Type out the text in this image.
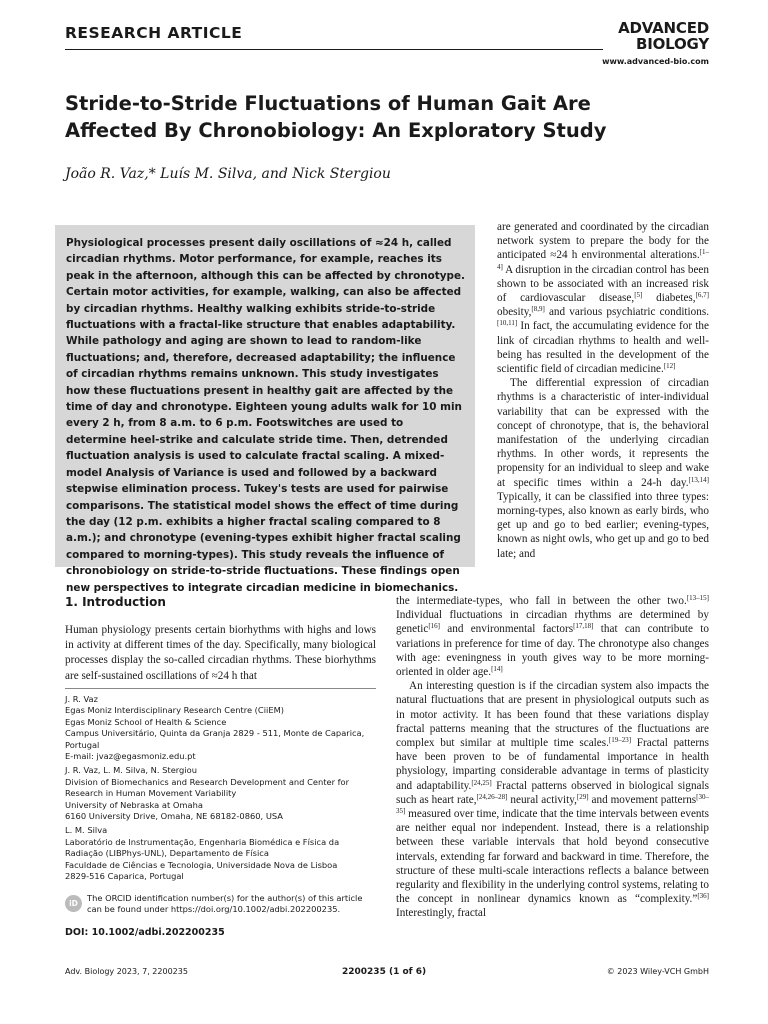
RESEARCH ARTICLE	ADVANCED
BIOLOGY
www.advanced-bio.com
Stride-to-Stride Fluctuations of Human Gait Are Affected By Chronobiology: An Exploratory Study
João R. Vaz,* Luís M. Silva, and Nick Stergiou

Physiological processes present daily oscillations of ≈24 h, called circadian rhythms. Motor performance, for example, reaches its peak in the afternoon, although this can be affected by chronotype. Certain motor activities, for example, walking, can also be affected by circadian rhythms. Healthy walking exhibits stride-to-stride fluctuations with a fractal-like structure that enables adaptability. While pathology and aging are shown to lead to random-like fluctuations; and, therefore, decreased adaptability; the influence of circadian rhythms remains unknown. This study investigates how these fluctuations present in healthy gait are affected by the time of day and chronotype. Eighteen young adults walk for 10 min every 2 h, from 8 a.m. to 6 p.m. Footswitches are used to determine heel-strike and calculate stride time. Then, detrended fluctuation analysis is used to calculate fractal scaling. A mixed-model Analysis of Variance is used and followed by a backward stepwise elimination process. Tukey's tests are used for pairwise comparisons. The statistical model shows the effect of time during the day (12 p.m. exhibits a higher fractal scaling compared to 8 a.m.); and chronotype (evening-types exhibit higher fractal scaling compared to morning-types). This study reveals the influence of chronobiology on stride-to-stride fluctuations. These findings open new perspectives to integrate circadian medicine in biomechanics.

1. Introduction

Human physiology presents certain biorhythms with highs and lows in activity at different times of the day. Specifically, many biological processes display the so-called circadian rhythms. These biorhythms are self-sustained oscillations of ≈24 h that

J. R. Vaz
Egas Moniz Interdisciplinary Research Centre (CiiEM)
Egas Moniz School of Health & Science
Campus Universitário, Quinta da Granja 2829 - 511, Monte de Caparica, Portugal
E-mail: jvaz@egasmoniz.edu.pt

J. R. Vaz, L. M. Silva, N. Stergiou
Division of Biomechanics and Research Development and Center for Research in Human Movement Variability
University of Nebraska at Omaha
6160 University Drive, Omaha, NE 68182-0860, USA

L. M. Silva
Laboratório de Instrumentação, Engenharia Biomédica e Física da Radiação (LIBPhys-UNL), Departamento de Física
Faculdade de Ciências e Tecnologia, Universidade Nova de Lisboa
2829-516 Caparica, Portugal

iD
The ORCID identification number(s) for the author(s) of this article can be found under https://doi.org/10.1002/adbi.202200235.
DOI: 10.1002/adbi.202200235

are generated and coordinated by the circadian network system to prepare the body for the anticipated ≈24 h environmental alterations.[1–4] A disruption in the circadian control has been shown to be associated with an increased risk of cardiovascular disease,[5] diabetes,[6,7] obesity,[8,9] and various psychiatric conditions.[10,11] In fact, the accumulating evidence for the link of circadian rhythms to health and well-being has resulted in the development of the scientific field of circadian medicine.[12]

The differential expression of circadian rhythms is a characteristic of inter-individual variability that can be expressed with the concept of chronotype, that is, the behavioral manifestation of the underlying circadian rhythms. In other words, it represents the propensity for an individual to sleep and wake at specific times within a 24-h day.[13,14] Typically, it can be classified into three types: morning-types, also known as early birds, who get up and go to bed earlier; evening-types, known as night owls, who get up and go to bed late; and

the intermediate-types, who fall in between the other two.[13–15] Individual fluctuations in circadian rhythms are determined by genetic[16] and environmental factors[17,18] that can contribute to variations in preference for time of day. The chronotype also changes with age: eveningness in youth gives way to be more morning-oriented in older age.[14]

An interesting question is if the circadian system also impacts the natural fluctuations that are present in physiological outputs such as in motor activity. It has been found that these variations display fractal patterns meaning that the structures of the fluctuations are complex but similar at multiple time scales.[19–23] Fractal patterns have been proven to be of fundamental importance in health physiology, imparting considerable advantage in terms of plasticity and adaptability.[24,25] Fractal patterns observed in biological signals such as heart rate,[24,26–28] neural activity,[29] and movement patterns[30–35] measured over time, indicate that the time intervals between events are neither equal nor independent. Instead, there is a relationship between these variable intervals that hold beyond consecutive intervals, extending far forward and backward in time. Therefore, the structure of these multi-scale interactions reflects a balance between regularity and flexibility in the underlying control systems, relating to the concept in nonlinear dynamics known as “complexity.”[36] Interestingly, fractal

Adv. Biology 2023, 7, 2200235	2200235 (1 of 6)	© 2023 Wiley-VCH GmbH
